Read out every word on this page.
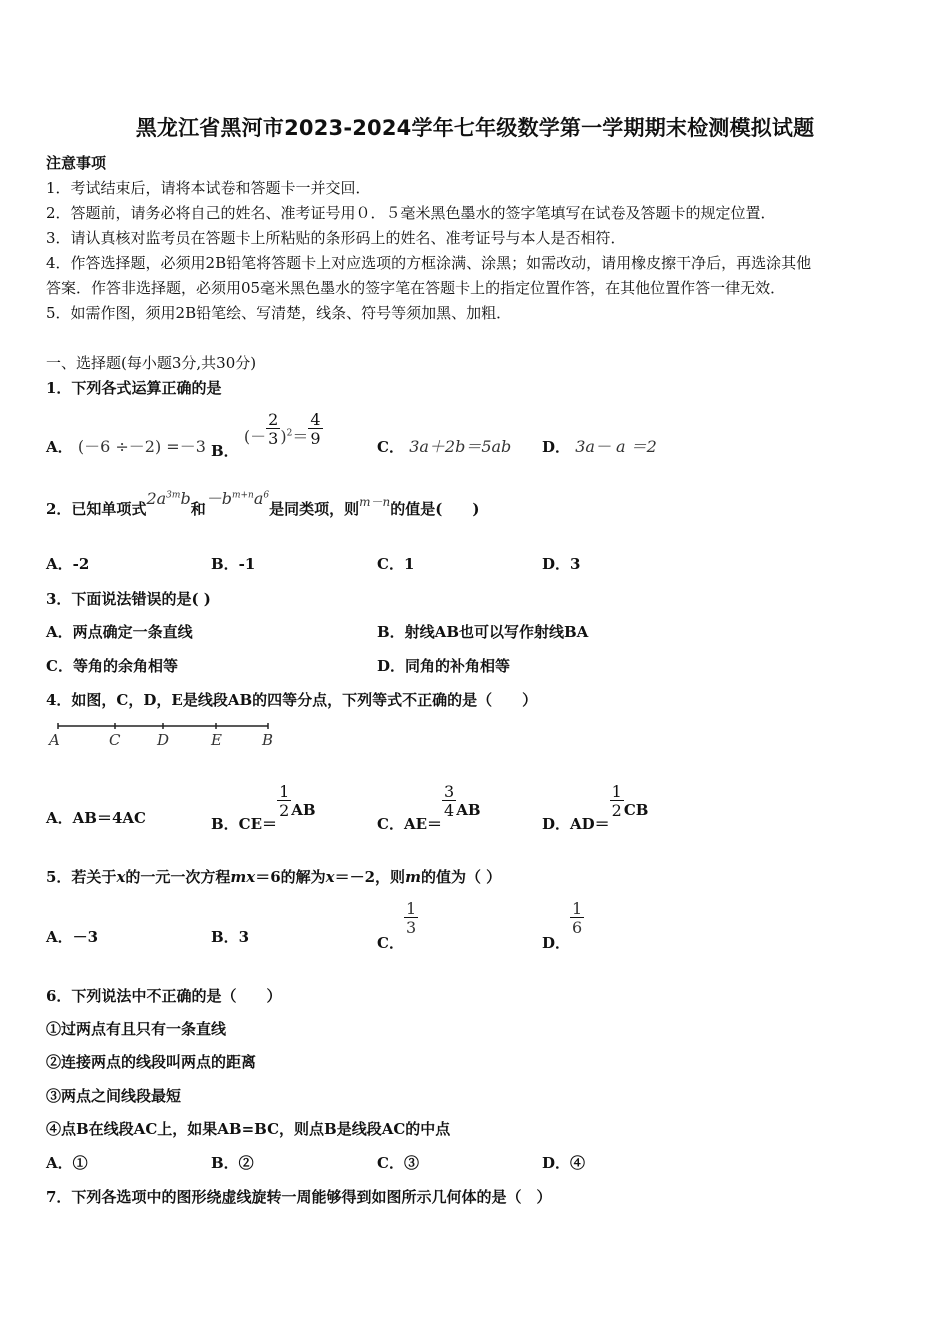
黑龙江省黑河市2023-2024学年七年级数学第一学期期末检测模拟试题
注意事项
1．考试结束后，请将本试卷和答题卡一并交回．
2．答题前，请务必将自己的姓名、准考证号用０．５毫米黑色墨水的签字笔填写在试卷及答题卡的规定位置．
3．请认真核对监考员在答题卡上所粘贴的条形码上的姓名、准考证号与本人是否相符．
4．作答选择题，必须用2B铅笔将答题卡上对应选项的方框涂满、涂黑；如需改动，请用橡皮擦干净后，再选涂其他
答案．作答非选择题，必须用05毫米黑色墨水的签字笔在答题卡上的指定位置作答，在其他位置作答一律无效．
5．如需作图，须用2B铅笔绘、写清楚，线条、符号等须加黑、加粗．
一、选择题(每小题3分,共30分)
1．下列各式运算正确的是
A． (－6 ÷－2) =－3 B． (－ $\frac{2}{3} )^2= \frac{4}{9}$	C． 3a＋2b＝5ab D． 3a－ a ＝2
2．已知单项式$2a^{3m}b$和$-b^{m+n}a^6$是同类项，则$^{m-n}$的值是(　　)
A．-2	B．-1	C．1	D．3
3．下面说法错误的是( )
A．两点确定一条直线	B．射线AB也可以写作射线BA
C．等角的余角相等	D．同角的补角相等
4．如图，C，D，E是线段AB的四等分点，下列等式不正确的是（　　）
A	C D	E	B
A．AB＝4AC	B．CE＝
$\frac{1}{2}$ AB
C．AE＝
$\frac{3}{4}$ AB
D．AD＝
$\frac{1}{2}$ CB
5．若关于x的一元一次方程mx＝6的解为x＝－2，则m的值为（ ）
A．－3	B．3	C．
$\frac{1}{3}$
D．
$\frac{1}{6}$
6．下列说法中不正确的是（　　）
①过两点有且只有一条直线
②连接两点的线段叫两点的距离
③两点之间线段最短
④点B在线段AC上，如果AB=BC，则点B是线段AC的中点
A．①	B．②	C．③	D．④
7．下列各选项中的图形绕虚线旋转一周能够得到如图所示几何体的是（　）
